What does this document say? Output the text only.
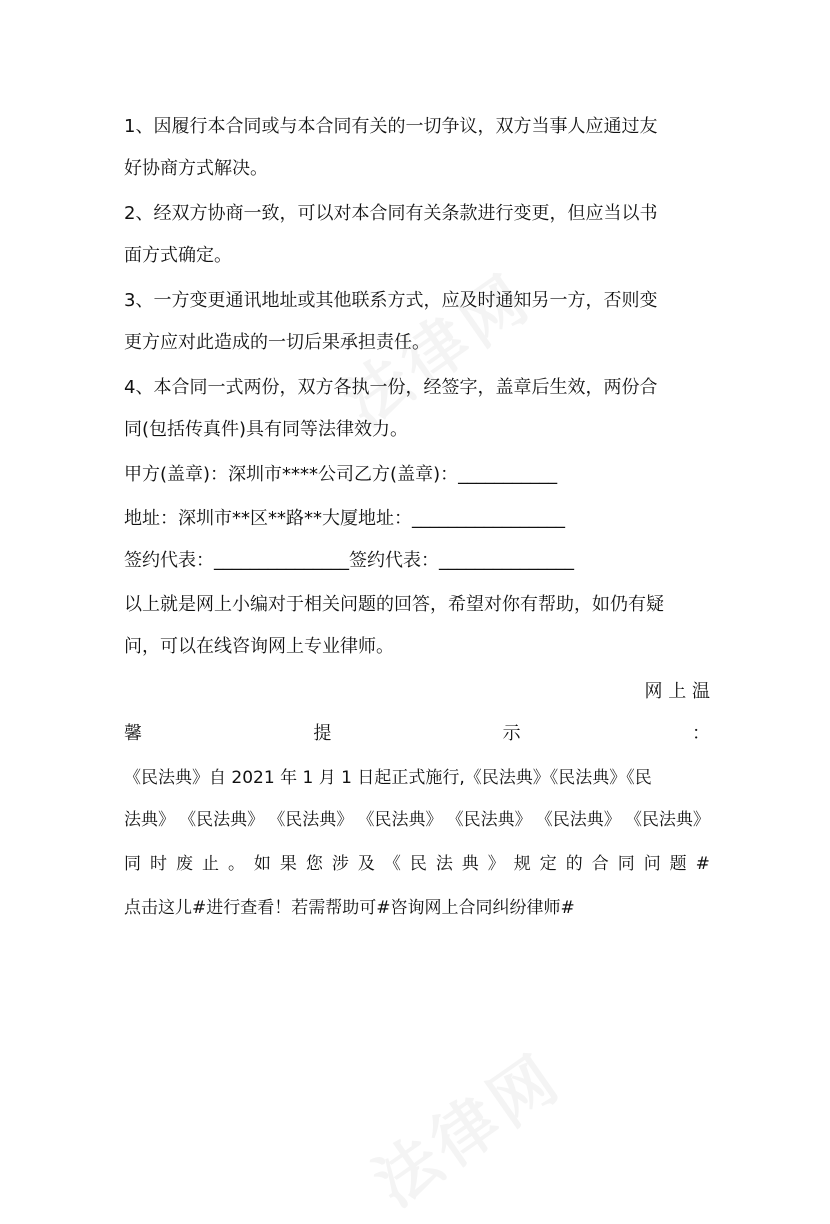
1、因履行本合同或与本合同有关的一切争议，双方当事人应通过友
好协商方式解决。
2、经双方协商一致，可以对本合同有关条款进行变更，但应当以书
面方式确定。
3、一方变更通讯地址或其他联系方式，应及时通知另一方，否则变
更方应对此造成的一切后果承担责任。
4、本合同一式两份，双方各执一份，经签字，盖章后生效，两份合
同(包括传真件)具有同等法律效力。
甲方(盖章)：深圳市****公司乙方(盖章)：___________
地址：深圳市**区**路**大厦地址：_________________
签约代表：_______________ 签约代表：_______________
以上就是网上小编对于相关问题的回答，希望对你有帮助，如仍有疑
问，可以在线咨询网上专业律师。
网 上 温
馨	提	示	：
《民法典》自 2021 年 1 月 1 日起正式施行,《民法典》《民法典》《民
法典》 《民法典》 《民法典》 《民法典》 《民法典》 《民法典》 《民法典》
同 时 废 止 。 如 果 您 涉 及 《 民 法 典 》 规 定 的 合 同 问 题 #
点击这儿#进行查看！若需帮助可#咨询网上合同纠纷律师#
